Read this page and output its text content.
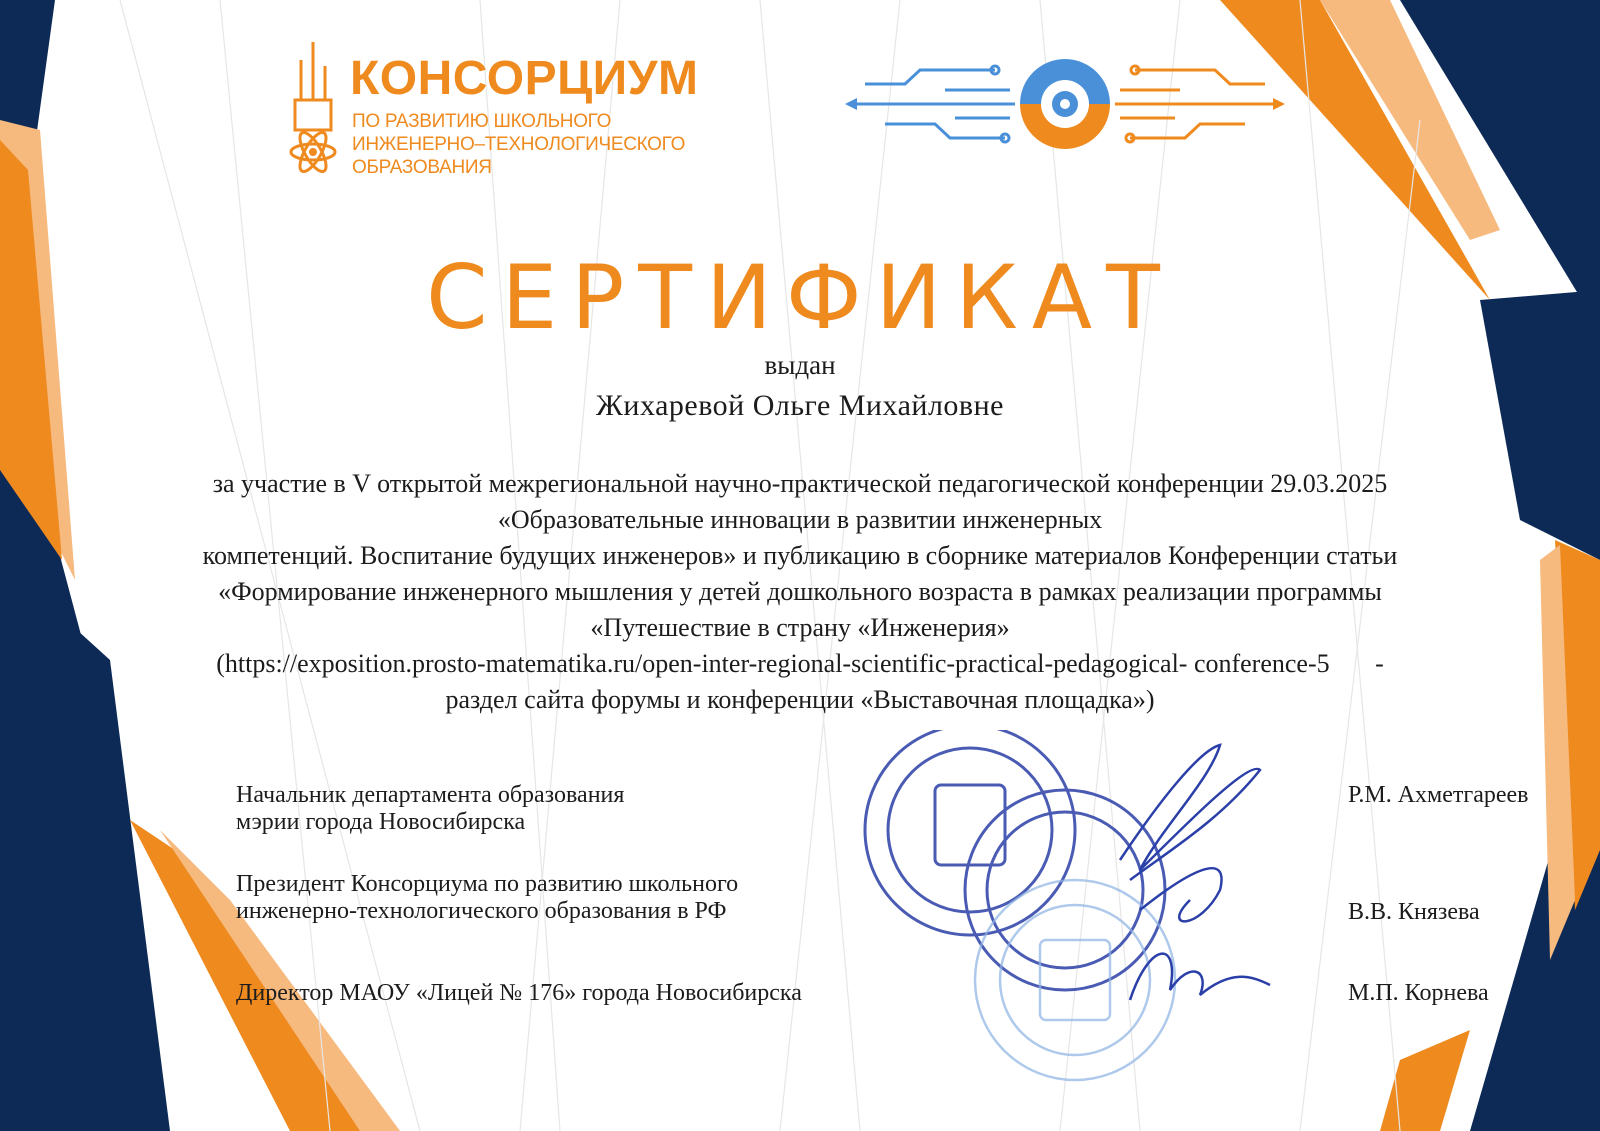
КОНСОРЦИУМ
ПО РАЗВИТИЮ ШКОЛЬНОГО
ИНЖЕНЕРНО–ТЕХНОЛОГИЧЕСКОГО
ОБРАЗОВАНИЯ
СЕРТИФИКАТ
выдан
Жихаревой Ольге Михайловне
за участие в V открытой межрегиональной научно-практической педагогической конференции 29.03.2025
«Образовательные инновации в развитии инженерных
компетенций. Воспитание будущих инженеров» и публикацию в сборнике материалов Конференции статьи
«Формирование инженерного мышления у детей дошкольного возраста в рамках реализации программы
«Путешествие в страну «Инженерия»
(https://exposition.prosto-matematika.ru/open-inter-regional-scientific-practical-pedagogical- conference-5       -
раздел сайта форумы и конференции «Выставочная площадка»)
Начальник департамента образования
мэрии города Новосибирска
Р.М. Ахметгареев
Президент Консорциума по развитию школьного
инженерно-технологического образования в РФ	В.В. Князева
Директор МАОУ «Лицей № 176» города Новосибирска	М.П. Корнева
